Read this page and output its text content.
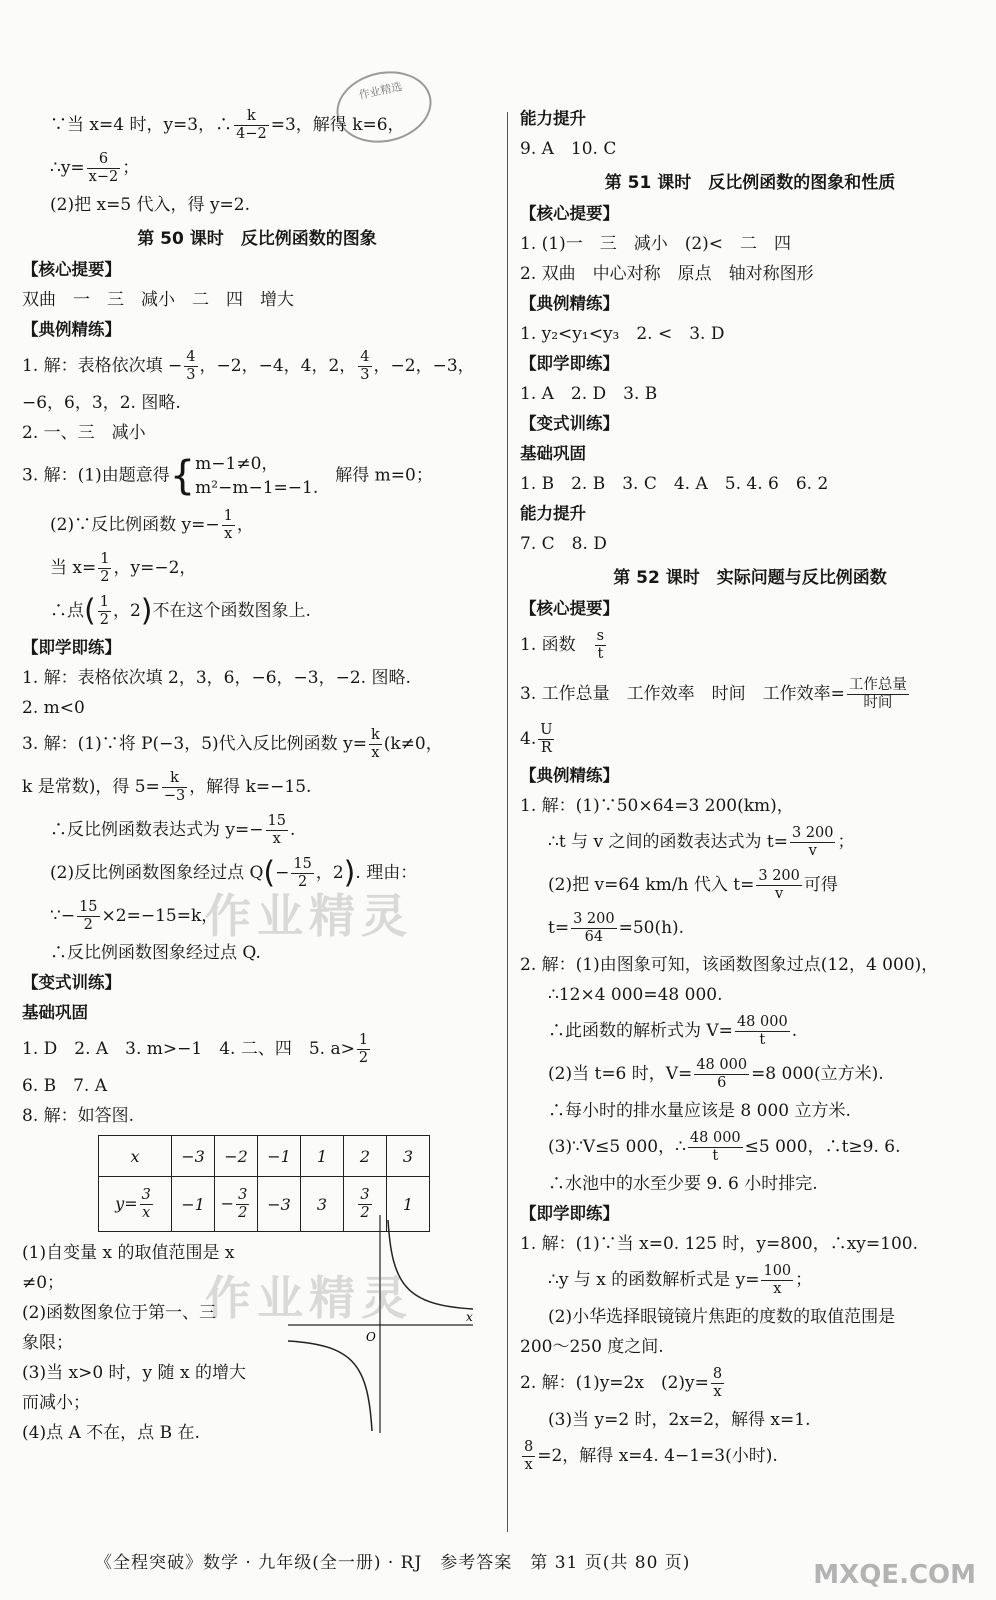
作业精选
∵当 x=4 时，y=3，∴ $\frac{k}{4-2} =3$，解得 k=6，
∴y= $\frac{6}{x-2}$ ；
(2)把 x=5 代入，得 y=2.
第 50 课时　反比例函数的图象
【核心提要】
双曲　一　三　减小　二　四　增大
【典例精练】
1. 解：表格依次填 − $\frac{4}{3}$ ，−2，−4，4，2， $\frac{4}{3}$ ，−2，−3，
−6，6，3，2. 图略.
2. 一、三　减小
3. 解：(1)由题意得{m−1≠0，
m²−m−1=−1.　解得 m=0；
(2)∵反比例函数 $y=- \frac{1}{x}$ ，
当 $x= \frac{1}{2}$ ，y=−2，
∴点( $\frac{1}{2}$ ，2)不在这个函数图象上.
【即学即练】
1. 解：表格依次填 2，3，6，−6，−3，−2. 图略.
2. m<0
3. 解：(1)∵将 P(−3，5)代入反比例函数 $y= \frac{k}{x} (k\ne 0$，
k 是常数)，得 $5= \frac{k}{-3}$ ，解得 k=−15.
∴反比例函数表达式为 $y=- \frac{15}{x}$ .
(2)反比例函数图象经过点 $Q(- \frac{15}{2}$ ，2). 理由：
∵− $\frac{15}{2} \times 2=-15=k$，
∴反比例函数图象经过点 Q.
【变式训练】
基础巩固
1. D　2. A　3. m>−1　4. 二、四　5. $a> \frac{1}{2}$
6. B　7. A
8. 解：如答图.
x	−3	−2	−1	1	2	3
$y= \frac{3}{x}$	−1	− $\frac{3}{2}$	−3	3	$\frac{3}{2}$	1
(1)自变量 x 的取值范围是 x
≠0；
(2)函数图象位于第一、三
象限；
(3)当 x>0 时，y 随 x 的增大
而减小；
(4)点 A 不在，点 B 在.
O
x
作业精灵
作业精灵
能力提升
9. A　10. C
第 51 课时　反比例函数的图象和性质
【核心提要】
1. (1)一　三　减小　(2)<　二　四
2. 双曲　中心对称　原点　轴对称图形
【典例精练】
1. y₂<y₁<y₃　2. <　3. D
【即学即练】
1. A　2. D　3. B
【变式训练】
基础巩固
1. B　2. B　3. C　4. A　5. 4. 6　6. 2
能力提升
7. C　8. D
第 52 课时　实际问题与反比例函数
【核心提要】
1. 函数　 $\frac{s}{t}$
3. 工作总量　工作效率　时间　工作效率= $\frac{\text{工作总量}}{\text{时间}}$
4. $\frac{U}{R}$
【典例精练】
1. 解：(1)∵50×64=3 200(km)，
∴t 与 v 之间的函数表达式为 $t= \frac{3 200}{v}$ ；
(2)把 v=64 km/h 代入 $t= \frac{3 200}{v}$ 可得
$t= \frac{3 200}{64} =50(h)$.
2. 解：(1)由图象可知，该函数图象过点(12，4 000)，
∴12×4 000=48 000.
∴此函数的解析式为 $V= \frac{48 000}{t}$ .
(2)当 t=6 时，$V= \frac{48 000}{6} =8$ 000(立方米).
∴每小时的排水量应该是 8 000 立方米.
(3)∵V≤5 000，∴ $\frac{48 000}{t} \le 5$ 000，∴t≥9. 6.
∴水池中的水至少要 9. 6 小时排完.
【即学即练】
1. 解：(1)∵当 x=0. 125 时，y=800，∴xy=100.
∴y 与 x 的函数解析式是 $y= \frac{100}{x}$ ；
(2)小华选择眼镜镜片焦距的度数的取值范围是
200～250 度之间.
2. 解：(1)y=2x　$(2)y= \frac{8}{x}$
(3)当 y=2 时，2x=2，解得 x=1.
$\frac{8}{x} =2$，解得 x=4. 4−1=3(小时).
《全程突破》数学 · 九年级(全一册) · RJ　参考答案　第 31 页(共 80 页)	MXQE.COM
